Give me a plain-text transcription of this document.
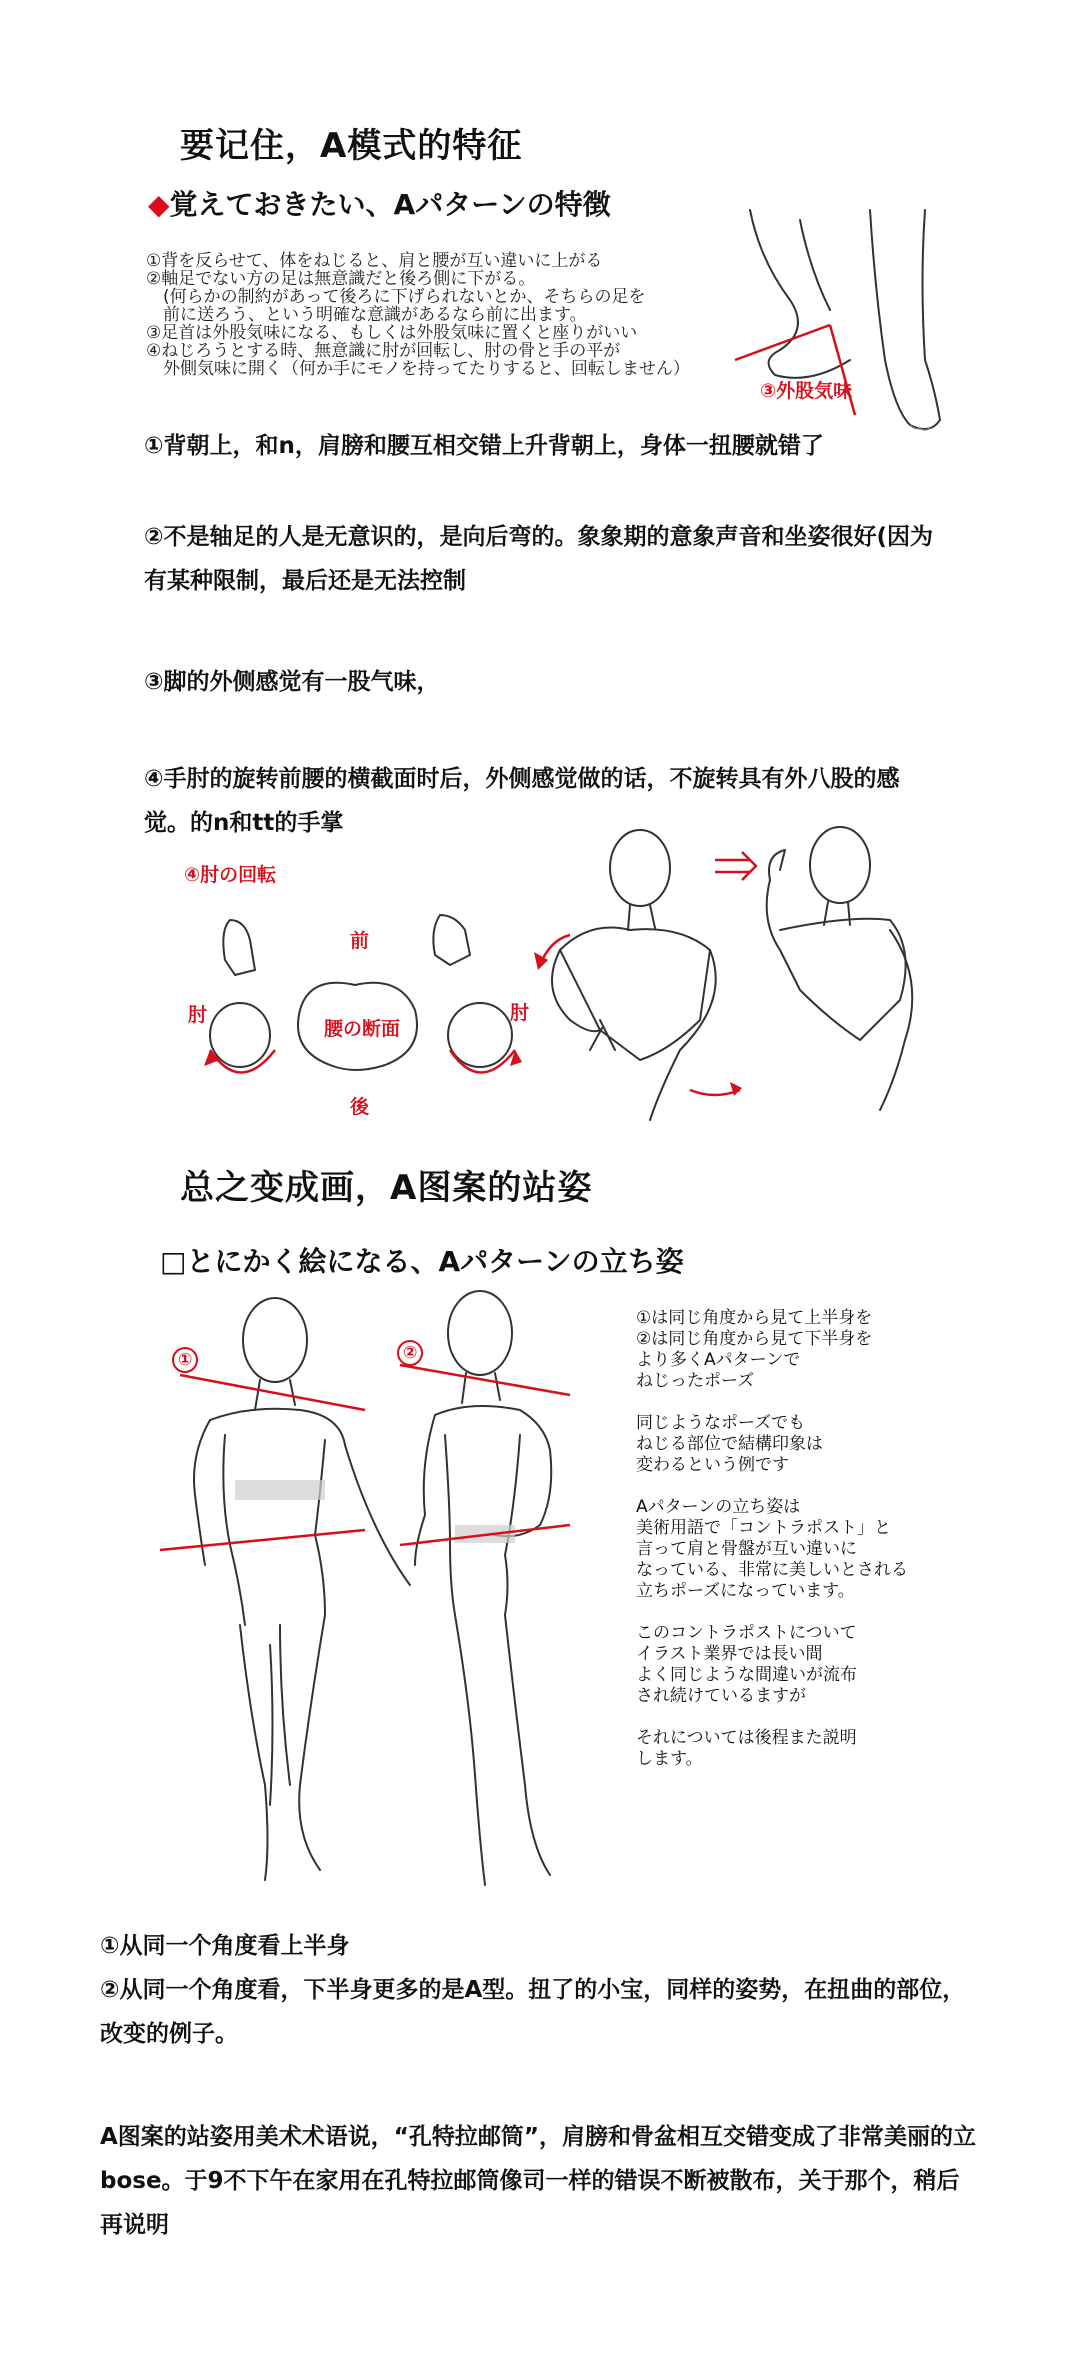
要记住，A模式的特征
◆覚えておきたい、Aパターンの特徴
①背を反らせて、体をねじると、肩と腰が互い違いに上がる
②軸足でない方の足は無意識だと後ろ側に下がる。
　(何らかの制約があって後ろに下げられないとか、そちらの足を
　前に送ろう、という明確な意識があるなら前に出ます。
③足首は外股気味になる、もしくは外股気味に置くと座りがいい
④ねじろうとする時、無意識に肘が回転し、肘の骨と手の平が
　外側気味に開く（何か手にモノを持ってたりすると、回転しません）
③外股気味
①背朝上，和n，肩膀和腰互相交错上升背朝上，身体一扭腰就错了
②不是轴足的人是无意识的，是向后弯的。象象期的意象声音和坐姿很好(因为有某种限制，最后还是无法控制
③脚的外侧感觉有一股气味，
④手肘的旋转前腰的横截面时后，外侧感觉做的话，不旋转具有外八股的感觉。的n和tt的手掌
④肘の回転
前
後
肘	肘
腰の断面
总之变成画，A图案的站姿
□とにかく絵になる、Aパターンの立ち姿
①	②
①は同じ角度から見て上半身を
②は同じ角度から見て下半身を
より多くAパターンで
ねじったポーズ
同じようなポーズでも
ねじる部位で結構印象は
変わるという例です
Aパターンの立ち姿は
美術用語で「コントラポスト」と
言って肩と骨盤が互い違いに
なっている、非常に美しいとされる
立ちポーズになっています。
このコントラポストについて
イラスト業界では長い間
よく同じような間違いが流布
され続けているますが
それについては後程また説明
します。
①从同一个角度看上半身
②从同一个角度看，下半身更多的是A型。扭了的小宝，同样的姿势，在扭曲的部位，改变的例子。
A图案的站姿用美术术语说，“孔特拉邮筒”，肩膀和骨盆相互交错变成了非常美丽的立bose。于9不下午在家用在孔特拉邮筒像司一样的错误不断被散布，关于那个，稍后再说明
